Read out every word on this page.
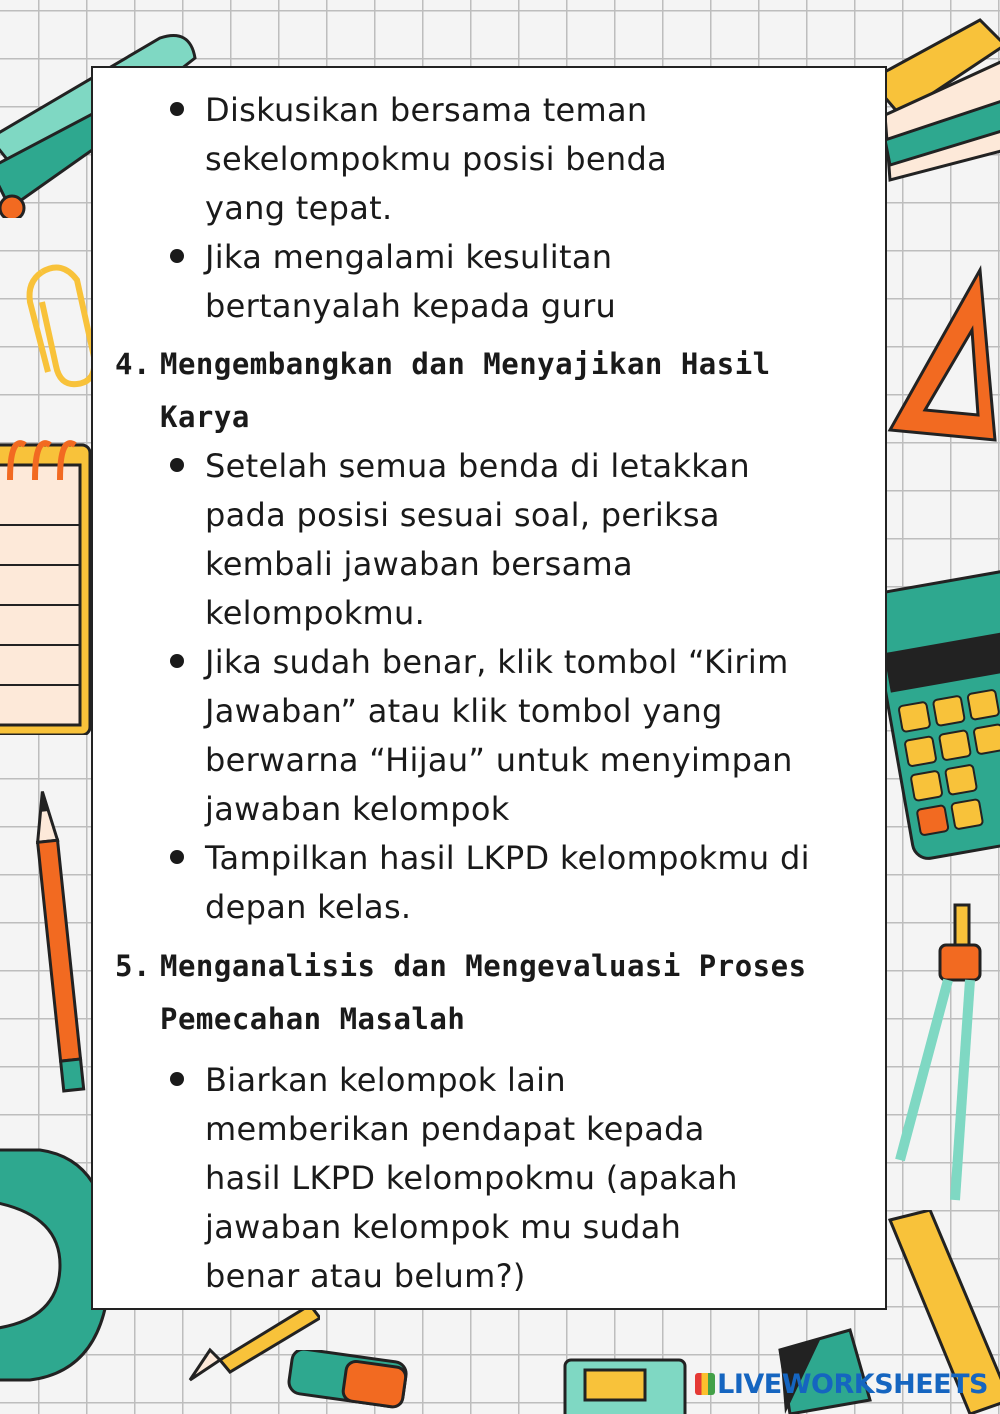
Diskusikan bersama teman
sekelompokmu posisi benda
yang tepat.
Jika mengalami kesulitan
bertanyalah kepada guru
4. Mengembangkan dan Menyajikan Hasil
Karya
Setelah semua benda di letakkan
pada posisi sesuai soal, periksa
kembali jawaban bersama
kelompokmu.
Jika sudah benar, klik tombol “Kirim
Jawaban” atau klik tombol yang
berwarna “Hijau” untuk menyimpan
jawaban kelompok
Tampilkan hasil LKPD kelompokmu di
depan kelas.
5. Menganalisis dan Mengevaluasi Proses
Pemecahan Masalah
Biarkan kelompok lain
memberikan pendapat kepada
hasil LKPD kelompokmu (apakah
jawaban kelompok mu sudah
benar atau belum?)
LIVEWORKSHEETS
